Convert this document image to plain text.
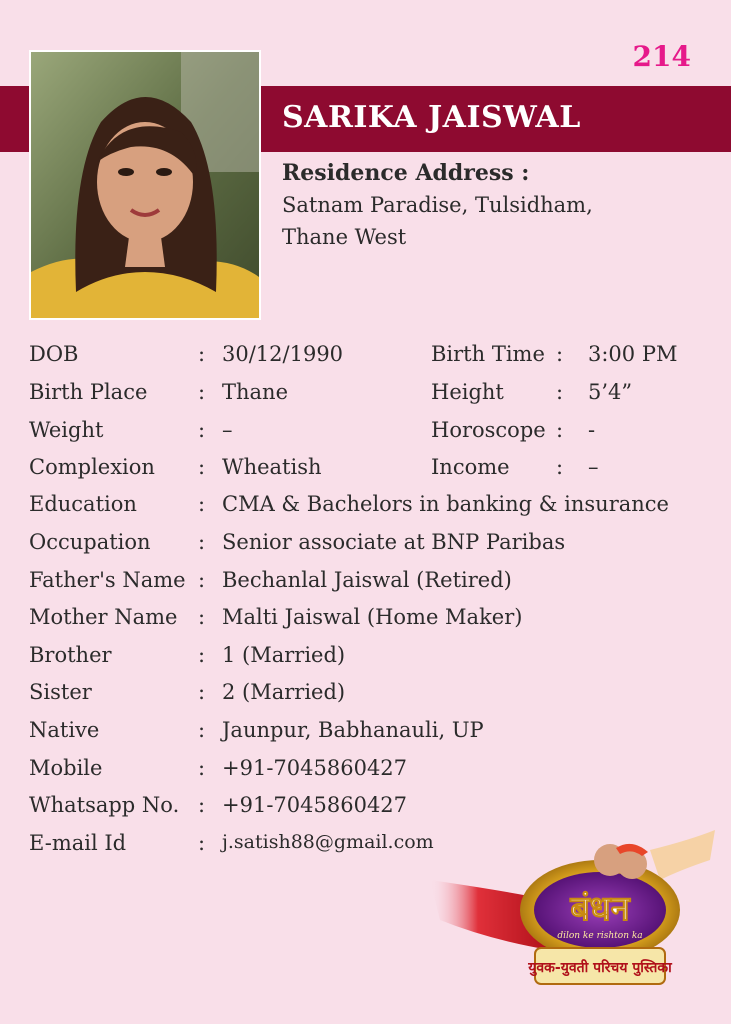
214
SARIKA JAISWAL
Residence Address :
Satnam Paradise, Tulsidham,
Thane West
DOB	: 30/12/1990	Birth Time : 3:00 PM
Birth Place : Thane	Height : 5’4”
Weight	: –	Horoscope : -
Complexion : Wheatish	Income : –
Education	: CMA & Bachelors in banking & insurance
Occupation : Senior associate at BNP Paribas
Father's Name : Bechanlal Jaiswal (Retired)
Mother Name : Malti Jaiswal (Home Maker)
Brother	: 1 (Married)
Sister	: 2 (Married)
Native	: Jaunpur, Babhanauli, UP
Mobile	: +91-7045860427
Whatsapp No. : +91-7045860427
E-mail Id	: j.satish88@gmail.com
बंधन
dilon ke rishton ka
युवक-युवती परिचय पुस्तिका
